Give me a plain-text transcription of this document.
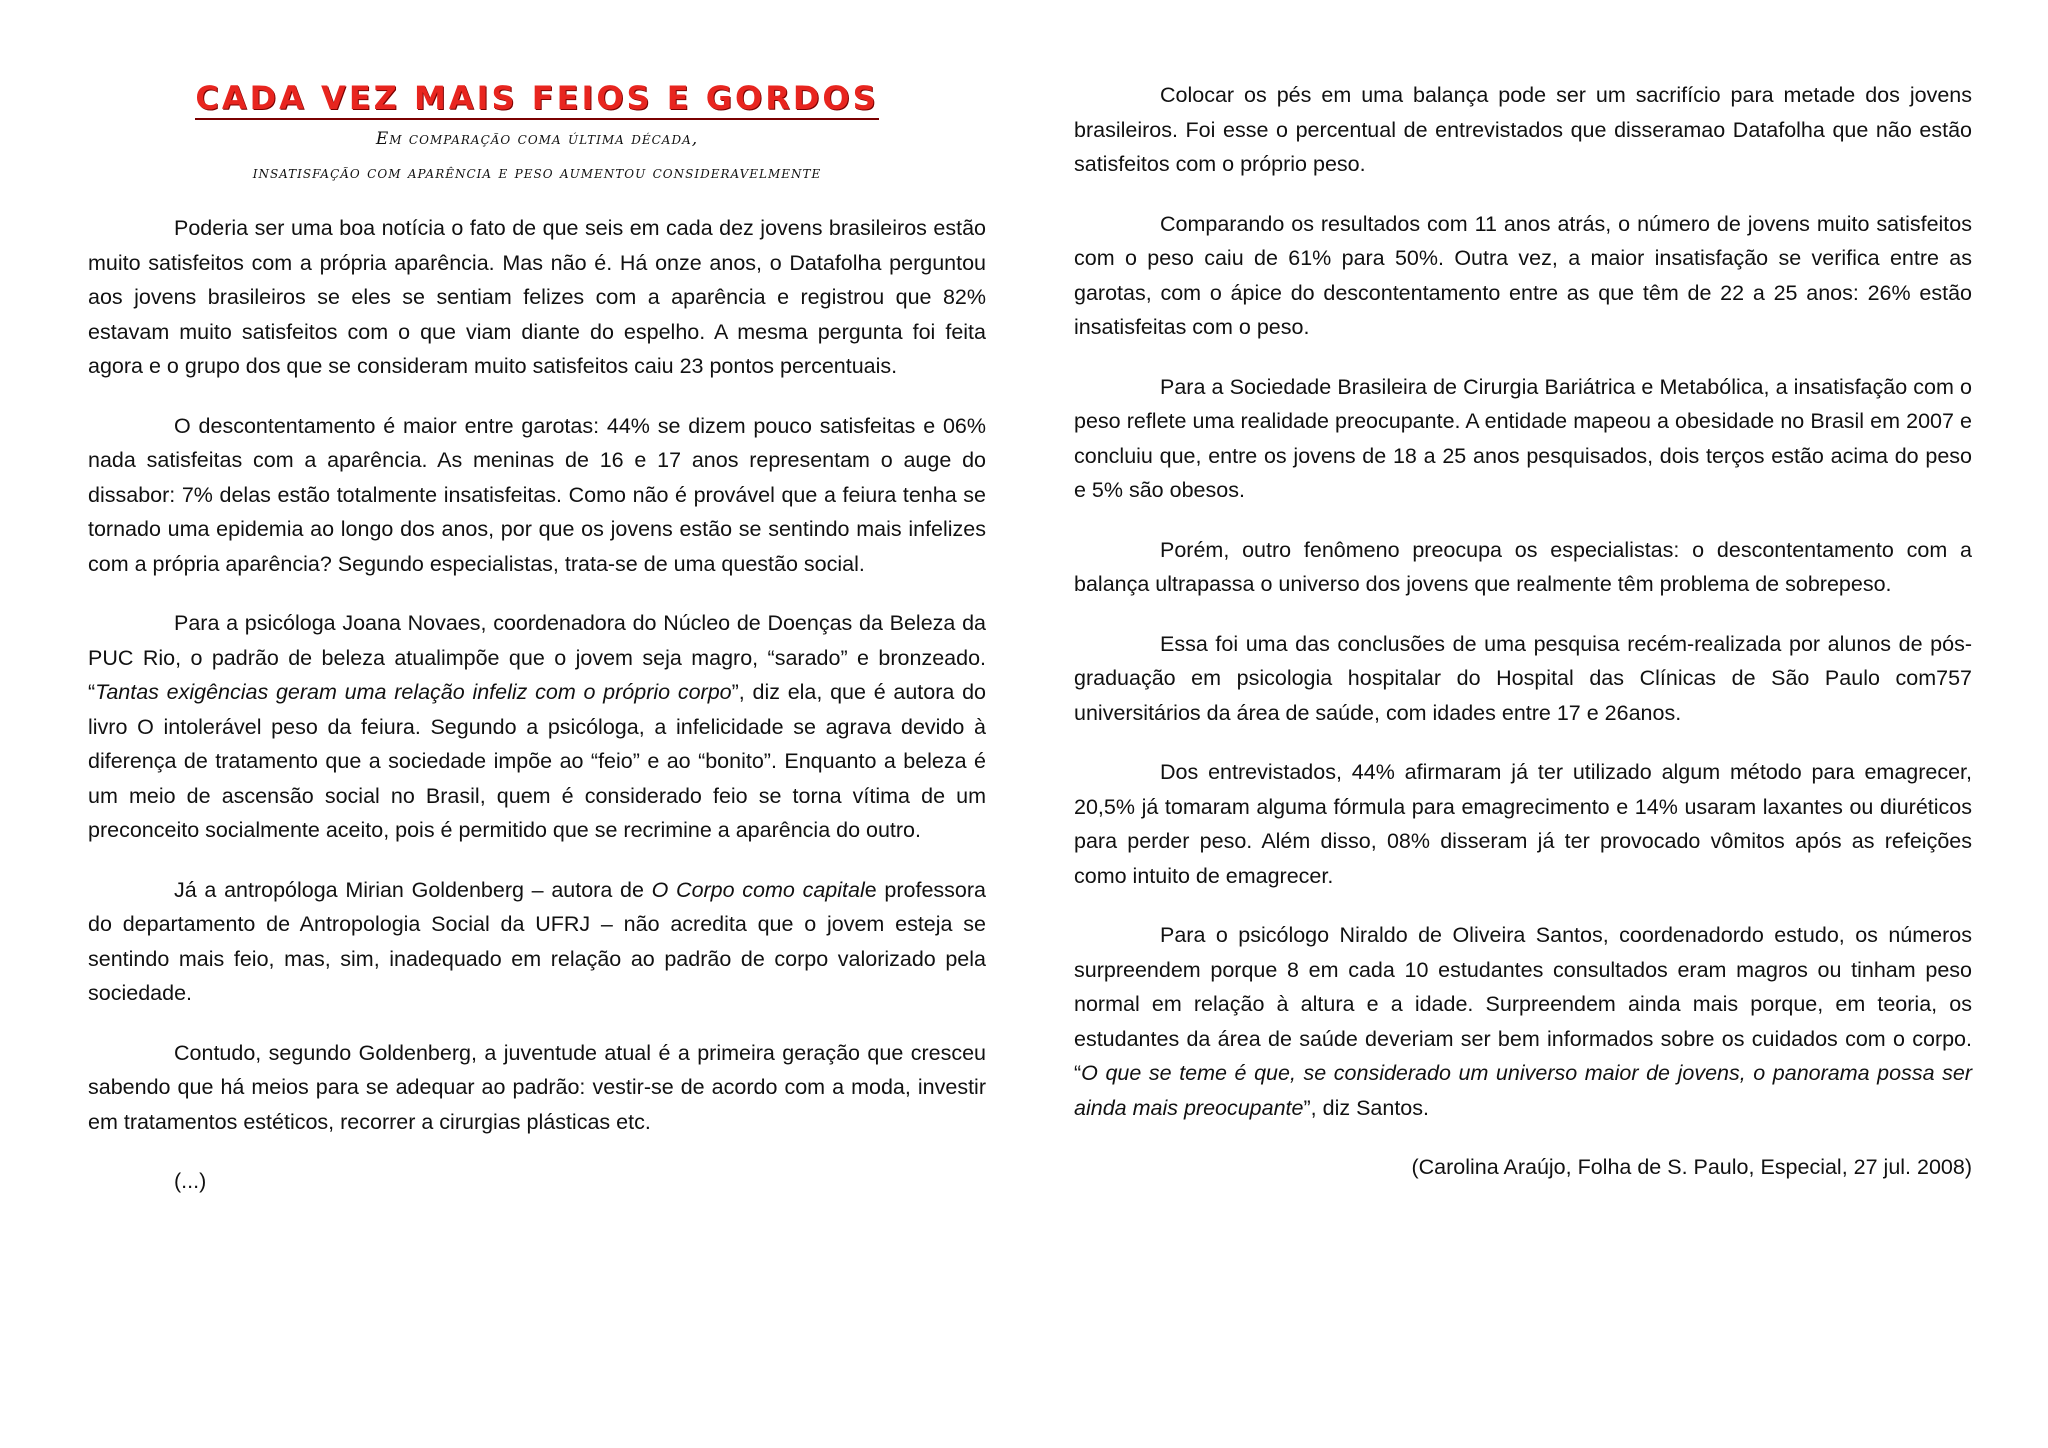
CADA VEZ MAIS FEIOS E GORDOS

Em comparação coma última década,

insatisfação com aparência e peso aumentou consideravelmente

Poderia ser uma boa notícia o fato de que seis em cada dez jovens brasileiros estão muito satisfeitos com a própria aparência. Mas não é. Há onze anos, o Datafolha perguntou aos jovens brasileiros se eles se sentiam felizes com a aparência e registrou que 82% estavam muito satisfeitos com o que viam diante do espelho. A mesma pergunta foi feita agora e o grupo dos que se consideram muito satisfeitos caiu 23 pontos percentuais.

O descontentamento é maior entre garotas: 44% se dizem pouco satisfeitas e 06% nada satisfeitas com a aparência. As meninas de 16 e 17 anos representam o auge do dissabor: 7% delas estão totalmente insatisfeitas. Como não é provável que a feiura tenha se tornado uma epidemia ao longo dos anos, por que os jovens estão se sentindo mais infelizes com a própria aparência? Segundo especialistas, trata-se de uma questão social.

Para a psicóloga Joana Novaes, coordenadora do Núcleo de Doenças da Beleza da PUC Rio, o padrão de beleza atualimpõe que o jovem seja magro, “sarado” e bronzeado. “Tantas exigências geram uma relação infeliz com o próprio corpo”, diz ela, que é autora do livro O intolerável peso da feiura. Segundo a psicóloga, a infelicidade se agrava devido à diferença de tratamento que a sociedade impõe ao “feio” e ao “bonito”. Enquanto a beleza é um meio de ascensão social no Brasil, quem é considerado feio se torna vítima de um preconceito socialmente aceito, pois é permitido que se recrimine a aparência do outro.

Já a antropóloga Mirian Goldenberg – autora de O Corpo como capitale professora do departamento de Antropologia Social da UFRJ – não acredita que o jovem esteja se sentindo mais feio, mas, sim, inadequado em relação ao padrão de corpo valorizado pela sociedade.

Contudo, segundo Goldenberg, a juventude atual é a primeira geração que cresceu sabendo que há meios para se adequar ao padrão: vestir-se de acordo com a moda, investir em tratamentos estéticos, recorrer a cirurgias plásticas etc.

(...)

Colocar os pés em uma balança pode ser um sacrifício para metade dos jovens brasileiros. Foi esse o percentual de entrevistados que disseramao Datafolha que não estão satisfeitos com o próprio peso.

Comparando os resultados com 11 anos atrás, o número de jovens muito satisfeitos com o peso caiu de 61% para 50%. Outra vez, a maior insatisfação se verifica entre as garotas, com o ápice do descontentamento entre as que têm de 22 a 25 anos: 26% estão insatisfeitas com o peso.

Para a Sociedade Brasileira de Cirurgia Bariátrica e Metabólica, a insatisfação com o peso reflete uma realidade preocupante. A entidade mapeou a obesidade no Brasil em 2007 e concluiu que, entre os jovens de 18 a 25 anos pesquisados, dois terços estão acima do peso e 5% são obesos.

Porém, outro fenômeno preocupa os especialistas: o descontentamento com a balança ultrapassa o universo dos jovens que realmente têm problema de sobrepeso.

Essa foi uma das conclusões de uma pesquisa recém-realizada por alunos de pós-graduação em psicologia hospitalar do Hospital das Clínicas de São Paulo com757 universitários da área de saúde, com idades entre 17 e 26anos.

Dos entrevistados, 44% afirmaram já ter utilizado algum método para emagrecer, 20,5% já tomaram alguma fórmula para emagrecimento e 14% usaram laxantes ou diuréticos para perder peso. Além disso, 08% disseram já ter provocado vômitos após as refeições como intuito de emagrecer.

Para o psicólogo Niraldo de Oliveira Santos, coordenadordo estudo, os números surpreendem porque 8 em cada 10 estudantes consultados eram magros ou tinham peso normal em relação à altura e a idade. Surpreendem ainda mais porque, em teoria, os estudantes da área de saúde deveriam ser bem informados sobre os cuidados com o corpo. “O que se teme é que, se considerado um universo maior de jovens, o panorama possa ser ainda mais preocupante”, diz Santos.

(Carolina Araújo, Folha de S. Paulo, Especial, 27 jul. 2008)
